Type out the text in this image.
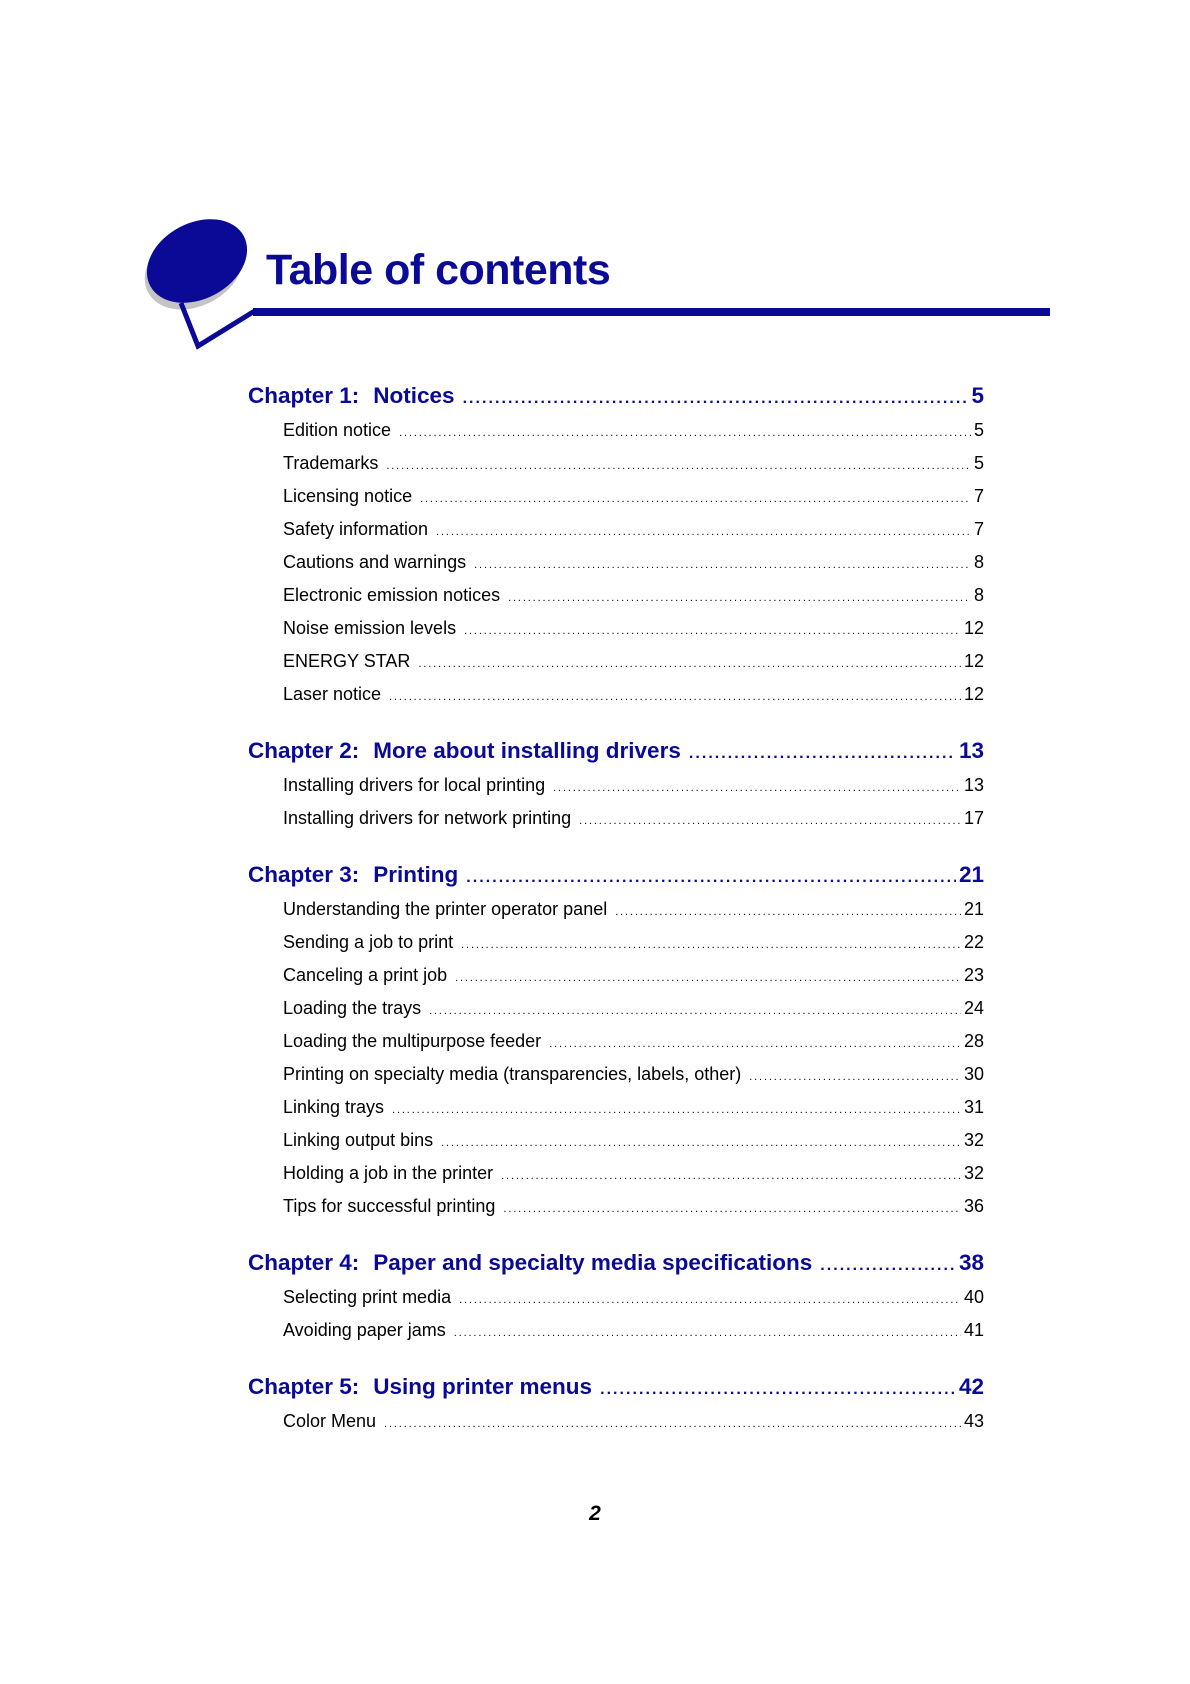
Table of contents
Chapter 1: Notices . . .	5
Edition notice . . .	5
Trademarks . . .	5
Licensing notice . . .	7
Safety information . . .	7
Cautions and warnings . . .	8
Electronic emission notices . . .	8
Noise emission levels . . .	12
ENERGY STAR . . .	12
Laser notice . . .	12
Chapter 2: More about installing drivers . . .	13
Installing drivers for local printing . . .	13
Installing drivers for network printing . . .	17
Chapter 3: Printing . . .	21
Understanding the printer operator panel . . .	21
Sending a job to print . . .	22
Canceling a print job . . .	23
Loading the trays . . .	24
Loading the multipurpose feeder . . .	28
Printing on specialty media (transparencies, labels, other) . . .	30
Linking trays . . .	31
Linking output bins . . .	32
Holding a job in the printer . . .	32
Tips for successful printing . . .	36
Chapter 4: Paper and specialty media specifications . . .	38
Selecting print media . . .	40
Avoiding paper jams . . .	41
Chapter 5: Using printer menus . . .	42
Color Menu . . .	43
2
